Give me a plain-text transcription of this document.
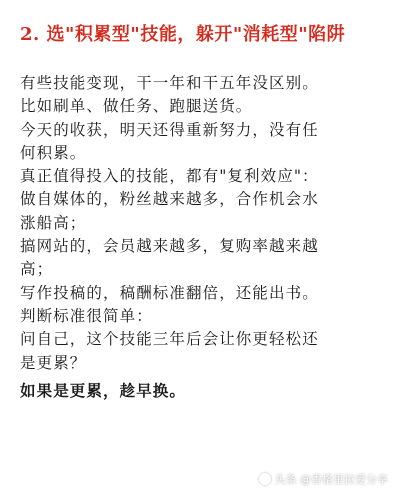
2. 选"积累型"技能，躲开"消耗型"陷阱

有些技能变现，干一年和干五年没区别。

比如刷单、做任务、跑腿送货。

今天的收获，明天还得重新努力，没有任

何积累。

真正值得投入的技能，都有"复利效应"：

做自媒体的，粉丝越来越多，合作机会水

涨船高；

搞网站的，会员越来越多，复购率越来越

高；

写作投稿的，稿酬标准翻倍，还能出书。

判断标准很简单：

问自己，这个技能三年后会让你更轻松还

是更累？

如果是更累，趁早换。

头条 @香格里拉爱分享
